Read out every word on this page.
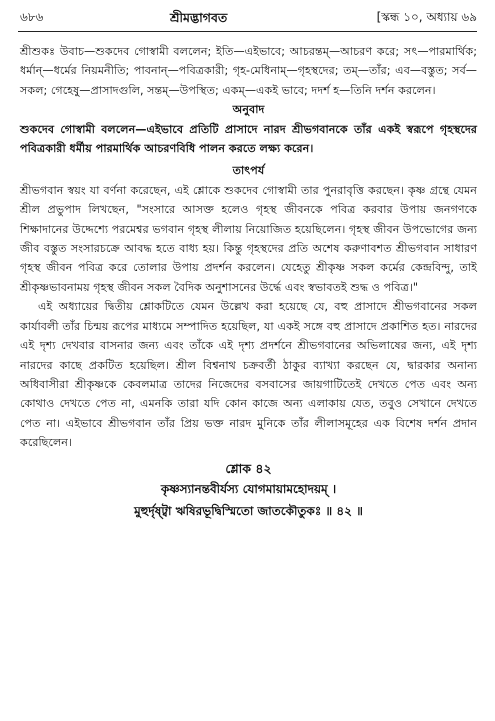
৬৮৬	শ্রীমদ্ভাগবত	[স্কন্ধ ১০, অধ্যায় ৬৯

শ্রীশুকঃ উবাচ—শুকদেব গোস্বামী বললেন; ইতি—এইভাবে; আচরন্তম্—আচরণ করে; সৎ—পারমার্থিক; ধর্মান্—ধর্মের নিয়মনীতি; পাবনান্—পবিত্রকারী; গৃহ-মেধিনাম্—গৃহস্থদের; তম্—তাঁর; এব—বস্তুত; সর্ব—সকল; গেহেষু—প্রাসাদগুলি, সন্তম্—উপস্থিত; একম্—একই ভাবে; দদর্শ হ—তিনি দর্শন করলেন।

অনুবাদ

শুকদেব গোস্বামী বললেন—এইভাবে প্রতিটি প্রাসাদে নারদ শ্রীভগবানকে তাঁর একই স্বরূপে গৃহস্থদের পবিত্রকারী ধর্মীয় পারমার্থিক আচরণবিধি পালন করতে লক্ষ্য করেন।

তাৎপর্য

শ্রীভগবান স্বয়ং যা বর্ণনা করেছেন, এই শ্লোকে শুকদেব গোস্বামী তার পুনরাবৃত্তি করছেন। কৃষ্ণ গ্রন্থে যেমন শ্রীল প্রভুপাদ লিখছেন, "সংসারে আসক্ত হলেও গৃহস্থ জীবনকে পবিত্র করবার উপায় জনগণকে শিক্ষাদানের উদ্দেশ্যে পরমেশ্বর ভগবান গৃহস্থ লীলায় নিয়োজিত হয়েছিলেন। গৃহস্থ জীবন উপভোগের জন্য জীব বস্তুত সংসারচক্রে আবদ্ধ হতে বাধ্য হয়। কিন্তু গৃহস্থদের প্রতি অশেষ করুণাবশত শ্রীভগবান সাধারণ গৃহস্থ জীবন পবিত্র করে তোলার উপায় প্রদর্শন করলেন। যেহেতু শ্রীকৃষ্ণ সকল কর্মের কেন্দ্রবিন্দু, তাই শ্রীকৃষ্ণভাবনাময় গৃহস্থ জীবন সকল বৈদিক অনুশাসনের উর্দ্ধে এবং স্বভাবতই শুদ্ধ ও পবিত্র।"

এই অধ্যায়ের দ্বিতীয় শ্লোকটিতে যেমন উল্লেখ করা হয়েছে যে, বহু প্রাসাদে শ্রীভগবানের সকল কার্যাবলী তাঁর চিন্ময় রূপের মাধ্যমে সম্পাদিত হয়েছিল, যা একই সঙ্গে বহু প্রাসাদে প্রকাশিত হত। নারদের এই দৃশ্য দেখবার বাসনার জন্য এবং তাঁকে এই দৃশ্য প্রদর্শনে শ্রীভগবানের অভিলাষের জন্য, এই দৃশ্য নারদের কাছে প্রকটিত হয়েছিল। শ্রীল বিশ্বনাথ চক্রবর্তী ঠাকুর ব্যাখ্যা করছেন যে, দ্বারকার অনান্য অধিবাসীরা শ্রীকৃষ্ণকে কেবলমাত্র তাদের নিজেদের বসবাসের জায়গাটিতেই দেখতে পেত এবং অন্য কোথাও দেখতে পেত না, এমনকি তারা যদি কোন কাজে অন্য এলাকায় যেত, তবুও সেখানে দেখতে পেত না। এইভাবে শ্রীভগবান তাঁর প্রিয় ভক্ত নারদ মুনিকে তাঁর লীলাসমূহের এক বিশেষ দর্শন প্রদান করেছিলেন।

শ্লোক ৪২

কৃষ্ণস্যানন্তবীর্যস্য যোগমায়ামহোদয়ম্ ।
মুহুর্দৃষ্ট্বা ঋষিরভূদ্বিস্মিতো জাতকৌতুকঃ ॥ ৪২ ॥
